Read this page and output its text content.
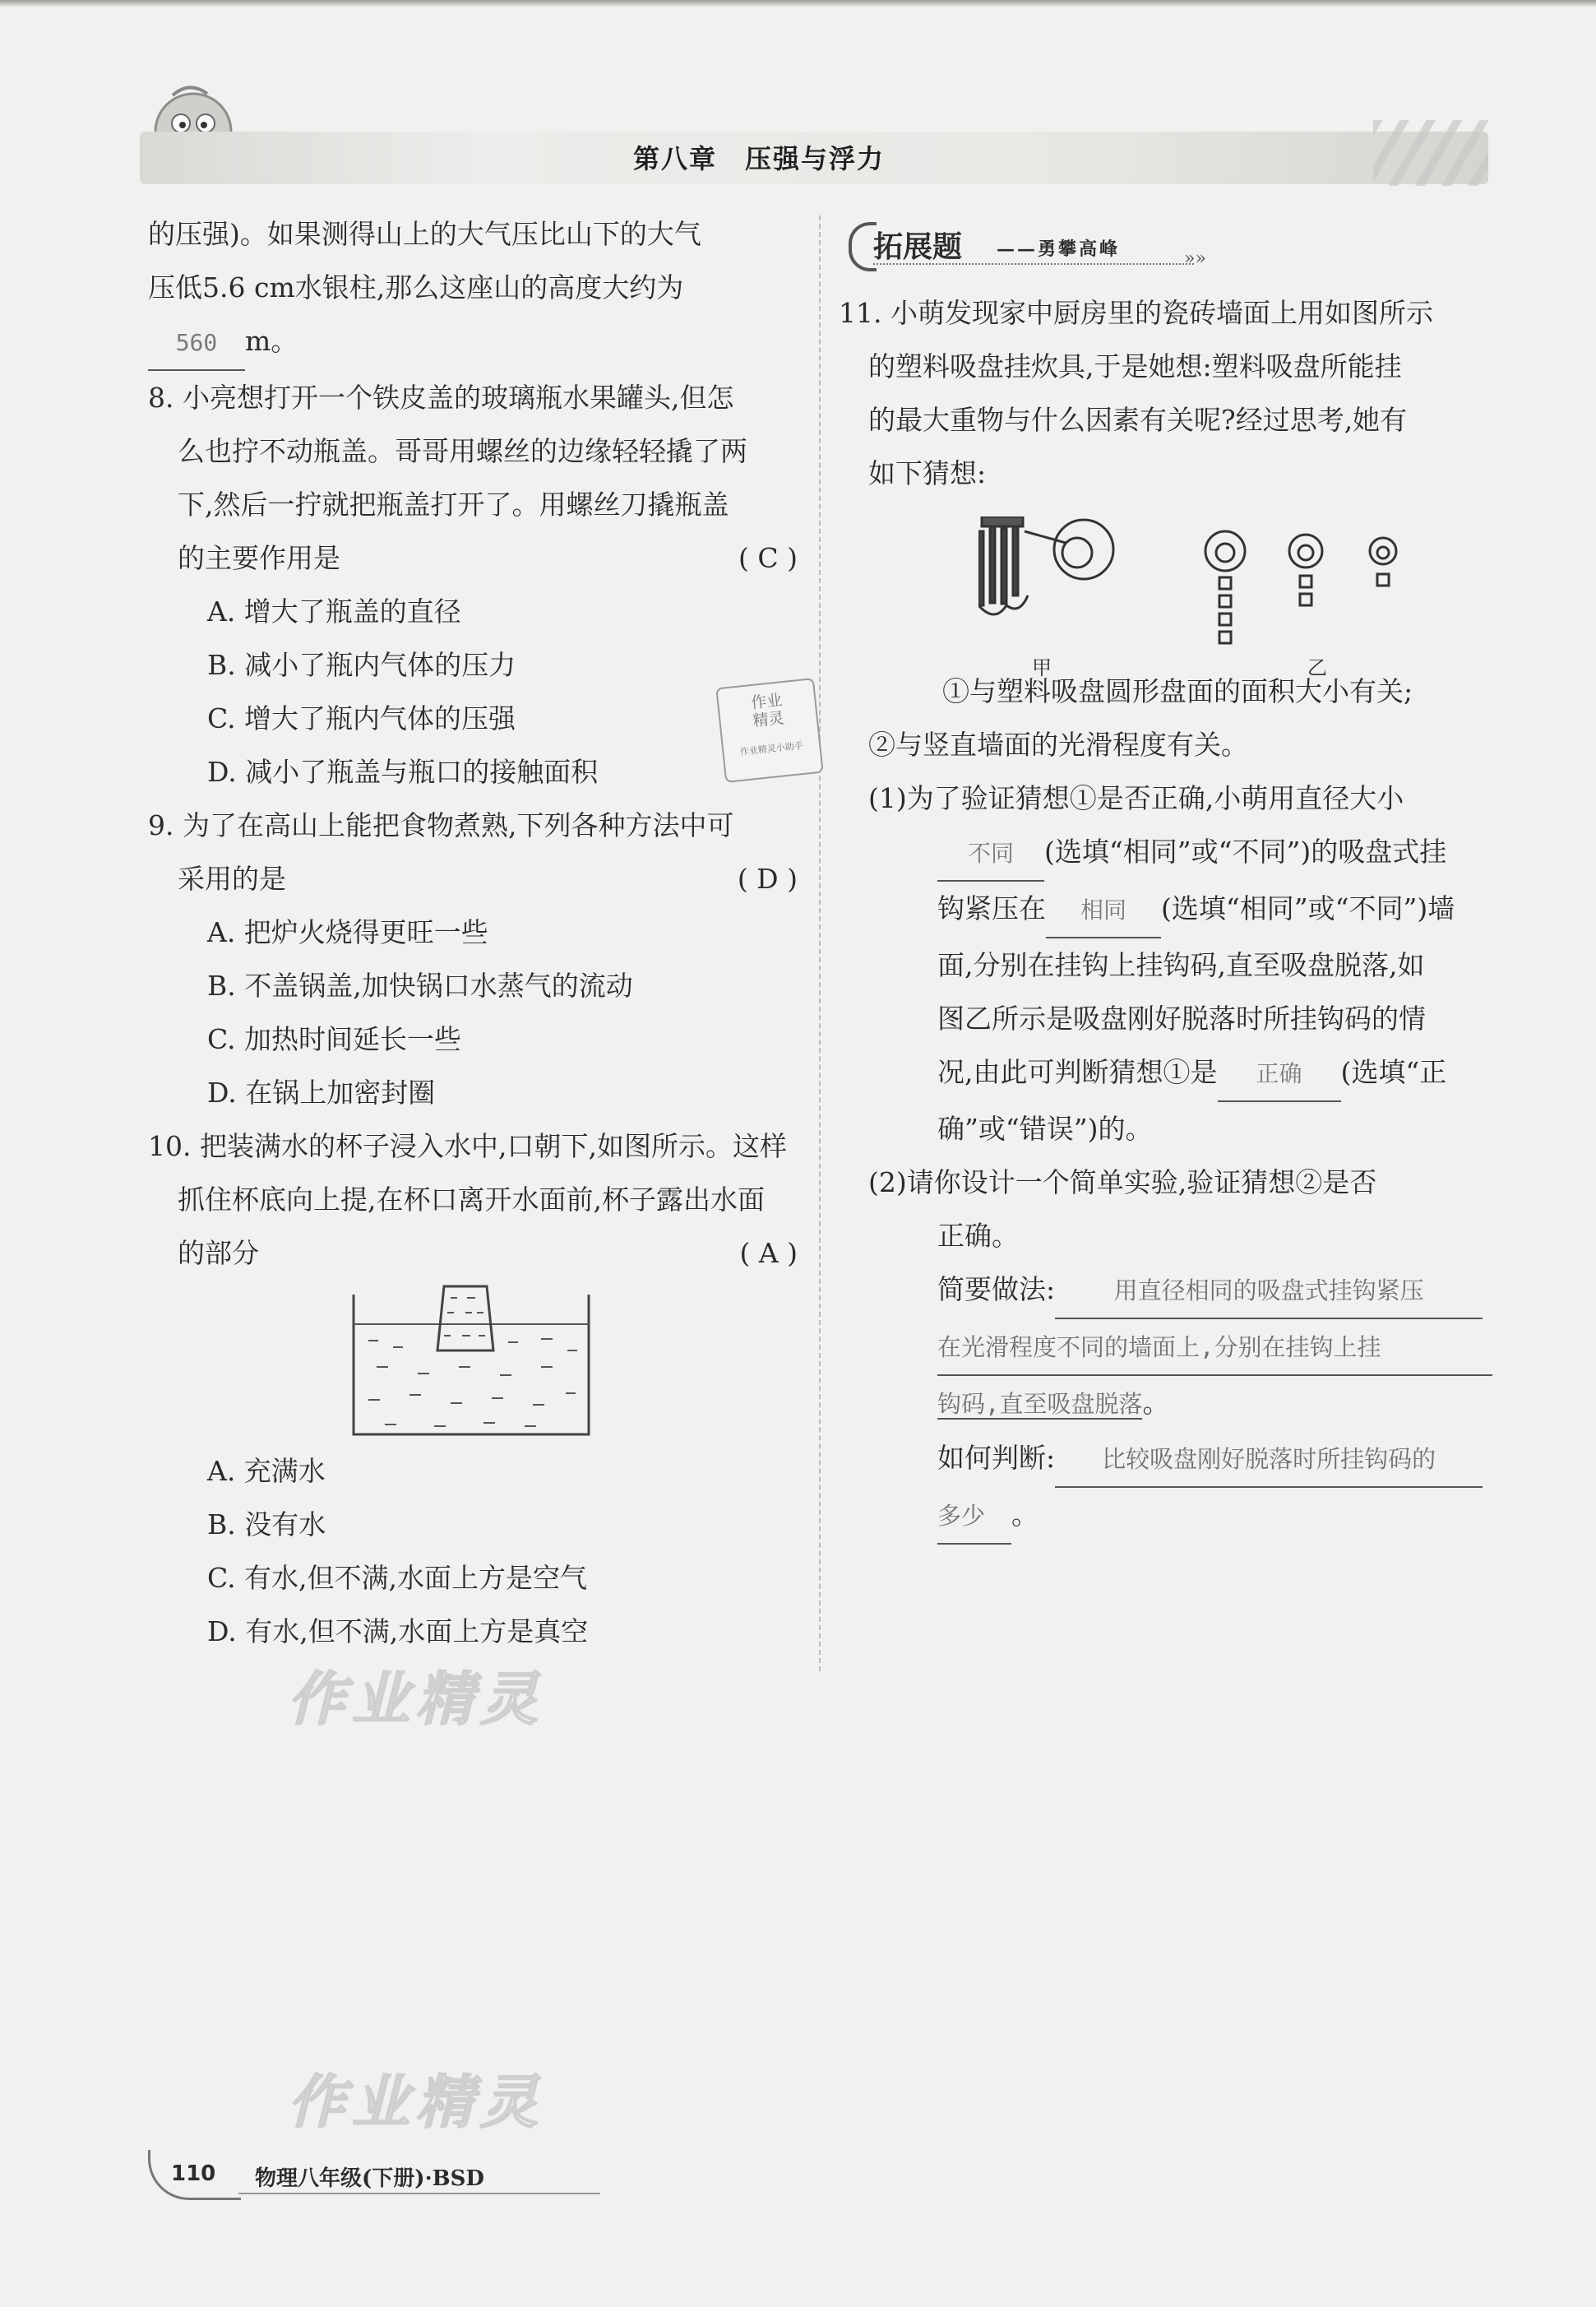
第八章　压强与浮力
的压强)。如果测得山上的大气压比山下的大气
压低5.6 cm水银柱,那么这座山的高度大约为
560 m。
8. 小亮想打开一个铁皮盖的玻璃瓶水果罐头,但怎
么也拧不动瓶盖。哥哥用螺丝的边缘轻轻撬了两
下,然后一拧就把瓶盖打开了。用螺丝刀撬瓶盖
的主要作用是	( C )
A. 增大了瓶盖的直径
B. 减小了瓶内气体的压力
C. 增大了瓶内气体的压强
D. 减小了瓶盖与瓶口的接触面积
9. 为了在高山上能把食物煮熟,下列各种方法中可
采用的是	( D )
A. 把炉火烧得更旺一些
B. 不盖锅盖,加快锅口水蒸气的流动
C. 加热时间延长一些
D. 在锅上加密封圈
10. 把装满水的杯子浸入水中,口朝下,如图所示。这样
抓住杯底向上提,在杯口离开水面前,杯子露出水面
的部分	( A )
A. 充满水
B. 没有水
C. 有水,但不满,水面上方是空气
D. 有水,但不满,水面上方是真空
作业
精灵
作业精灵小助手
作业精灵
作业精灵
拓展题 ——勇攀高峰	»»
11. 小萌发现家中厨房里的瓷砖墙面上用如图所示
的塑料吸盘挂炊具,于是她想:塑料吸盘所能挂
的最大重物与什么因素有关呢?经过思考,她有
如下猜想:
①与塑料吸盘圆形盘面的面积大小有关;
②与竖直墙面的光滑程度有关。
(1)为了验证猜想①是否正确,小萌用直径大小
不同 (选填“相同”或“不同”)的吸盘式挂
钩紧压在 相同 (选填“相同”或“不同”)墙
面,分别在挂钩上挂钩码,直至吸盘脱落,如
图乙所示是吸盘刚好脱落时所挂钩码的情
况,由此可判断猜想①是 正确 (选填“正
确”或“错误”)的。
(2)请你设计一个简单实验,验证猜想②是否
正确。
简要做法: 用直径相同的吸盘式挂钩紧压
在光滑程度不同的墙面上,分别在挂钩上挂
钩码,直至吸盘脱落。
如何判断: 比较吸盘刚好脱落时所挂钩码的
多少 。
甲	乙
110 物理八年级(下册)·BSD
